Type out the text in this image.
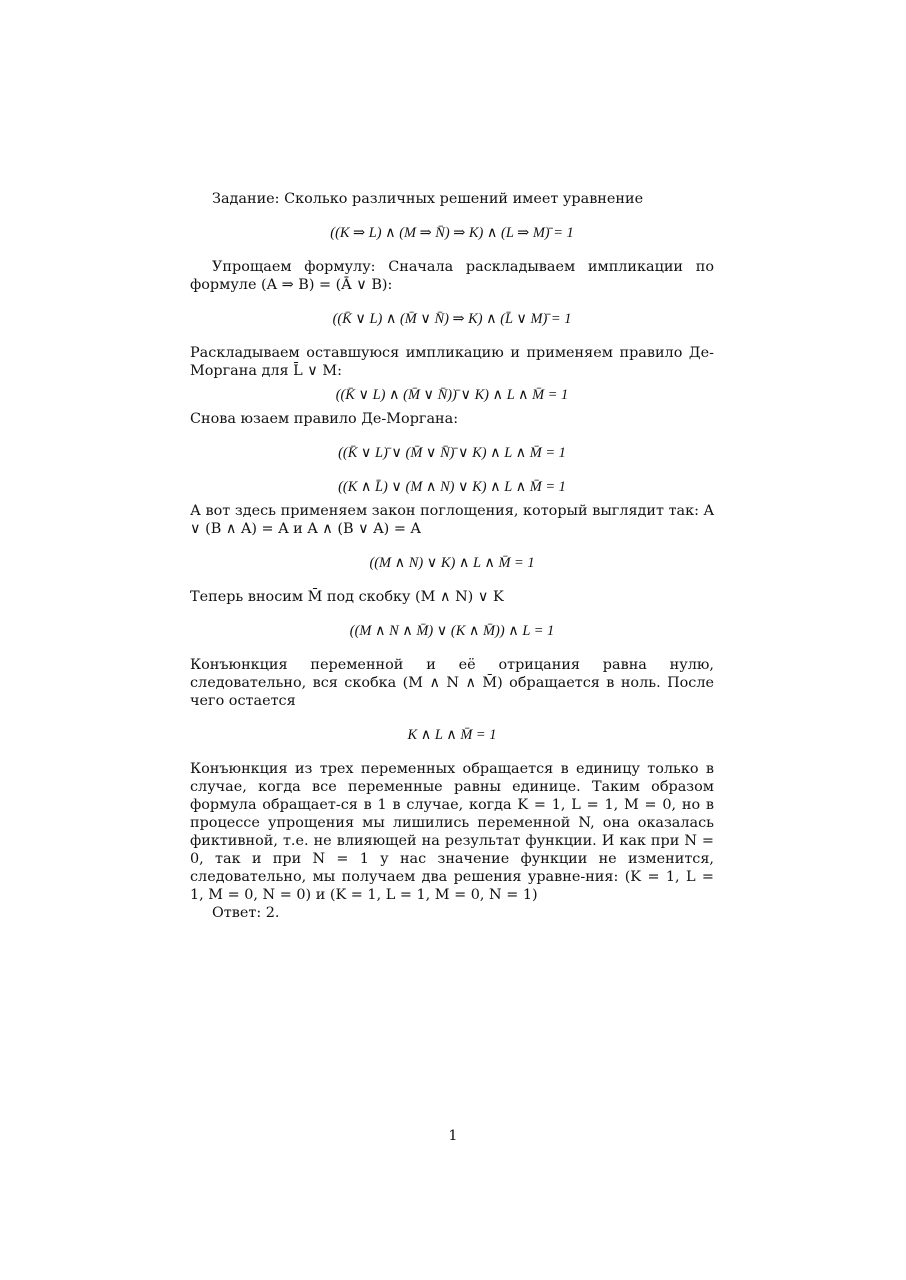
Задание: Сколько различных решений имеет уравнение

((K ⇒ L) ∧ (M ⇒ N̄) ⇒ K) ∧ (L ⇒ M)̄ = 1

Упрощаем формулу: Сначала раскладываем импликации по формуле (A ⇒ B) = (Ā ∨ B):

((K̄ ∨ L) ∧ (M̄ ∨ N̄) ⇒ K) ∧ (L̄ ∨ M)̄ = 1

Раскладываем оставшуюся импликацию и применяем правило Де-Моргана для L̄ ∨ M:

((K̄ ∨ L) ∧ (M̄ ∨ N̄))̄ ∨ K) ∧ L ∧ M̄ = 1

Снова юзаем правило Де-Моргана:

((K̄ ∨ L)̄ ∨ (M̄ ∨ N̄)̄ ∨ K) ∧ L ∧ M̄ = 1
((K ∧ L̄) ∨ (M ∧ N) ∨ K) ∧ L ∧ M̄ = 1

А вот здесь применяем закон поглощения, который выглядит так: A ∨ (B ∧ A) = A и A ∧ (B ∨ A) = A

((M ∧ N) ∨ K) ∧ L ∧ M̄ = 1

Теперь вносим M̄ под скобку (M ∧ N) ∨ K

((M ∧ N ∧ M̄) ∨ (K ∧ M̄)) ∧ L = 1

Конъюнкция переменной и её отрицания равна нулю, следовательно, вся скобка (M ∧ N ∧ M̄) обращается в ноль. После чего остается

K ∧ L ∧ M̄ = 1

Конъюнкция из трех переменных обращается в единицу только в случае, когда все переменные равны единице. Таким образом формула обращает-ся в 1 в случае, когда K = 1, L = 1, M = 0, но в процессе упрощения мы лишились переменной N, она оказалась фиктивной, т.е. не влияющей на результат функции. И как при N = 0, так и при N = 1 у нас значение функции не изменится, следовательно, мы получаем два решения уравне-ния: (K = 1, L = 1, M = 0, N = 0) и (K = 1, L = 1, M = 0, N = 1)

Ответ: 2.

1
